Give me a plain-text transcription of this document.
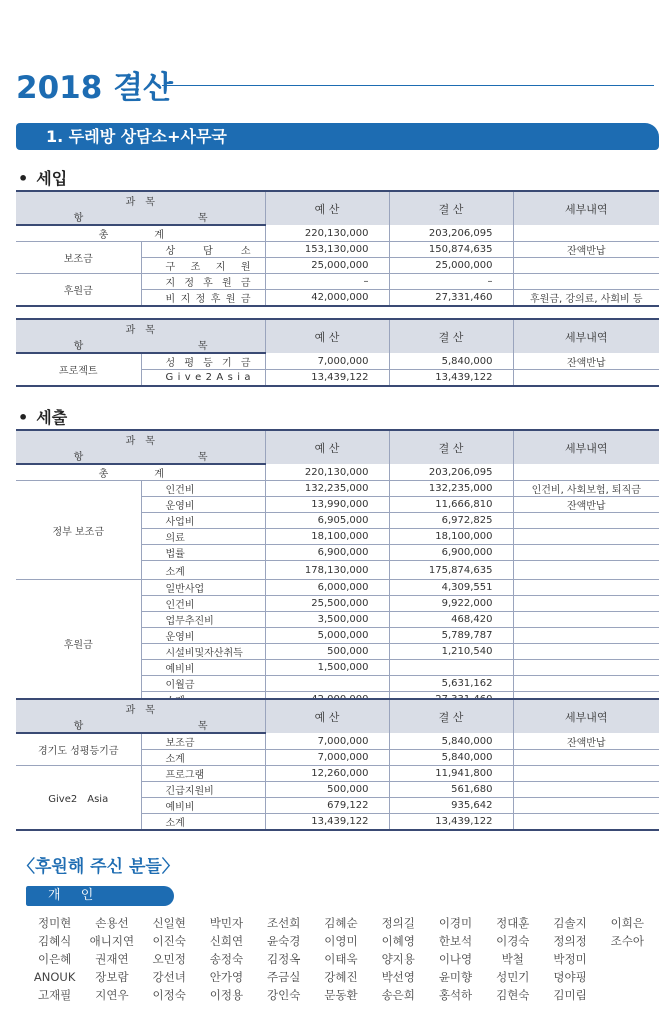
2018 결산
1. 두레방 상담소+사무국
• 세입
과　목		예 산	결 산	세부내역
항	목			
총　계		220,130,000	203,206,095	
보조금	상　담　소	153,130,000	150,874,635	잔액반납
	구　조　지　원	25,000,000	25,000,000	
후원금	지 정 후 원 금	–	–	
	비 지 정 후 원 금	42,000,000	27,331,460	후원금, 강의료, 사회비 등
과　목		예 산	결 산	세부내역
항	목			
프로젝트	성 평 등 기 금	7,000,000	5,840,000	잔액반납
	G i v e 2 A s i a	13,439,122	13,439,122	
• 세출
과　목		예 산	결 산	세부내역
항	목			
총　계		220,130,000	203,206,095	
정부 보조금	인건비	132,235,000	132,235,000	인건비, 사회보험, 퇴직금
	운영비	13,990,000	11,666,810	잔액반납
	사업비	6,905,000	6,972,825	
	의료	18,100,000	18,100,000	
	법률	6,900,000	6,900,000	
	소계	178,130,000	175,874,635	
후원금	일반사업	6,000,000	4,309,551	
	인건비	25,500,000	9,922,000	
	업무추진비	3,500,000	468,420	
	운영비	5,000,000	5,789,787	
	시설비및자산취득	500,000	1,210,540	
	예비비	1,500,000		
	이월금		5,631,162	

과　목		예 산	결 산	세부내역
항	목			
경기도 성평등기금	보조금	7,000,000	5,840,000	잔액반납
	소계	7,000,000	5,840,000	
Give2　Asia	프로그램	12,260,000	11,941,800	
	긴급지원비	500,000	561,680	
	예비비	679,122	935,642	
	소계	13,439,122	13,439,122	
〈후원해 주신 분들〉
개 인
정미현	손용선	신일현	박민자	조선희	김혜순	정의길	이경미	정대훈	김솔지	이희은
김혜식	애니지연	이진숙	신희연	윤숙경	이영미	이혜영	한보석	이경숙	정의정	조수아
이은혜	권재연	오민정	송정숙	김정옥	이태욱	양지용	이나영	박철	박정미
ANOUK	장보람	강선녀	안가영	주금실	강혜진	박선영	윤미향	성민기	뎡야핑
고재필	지연우	이정숙	이정용	강인숙	문동환	송은희	홍석하	김현숙	김미림
